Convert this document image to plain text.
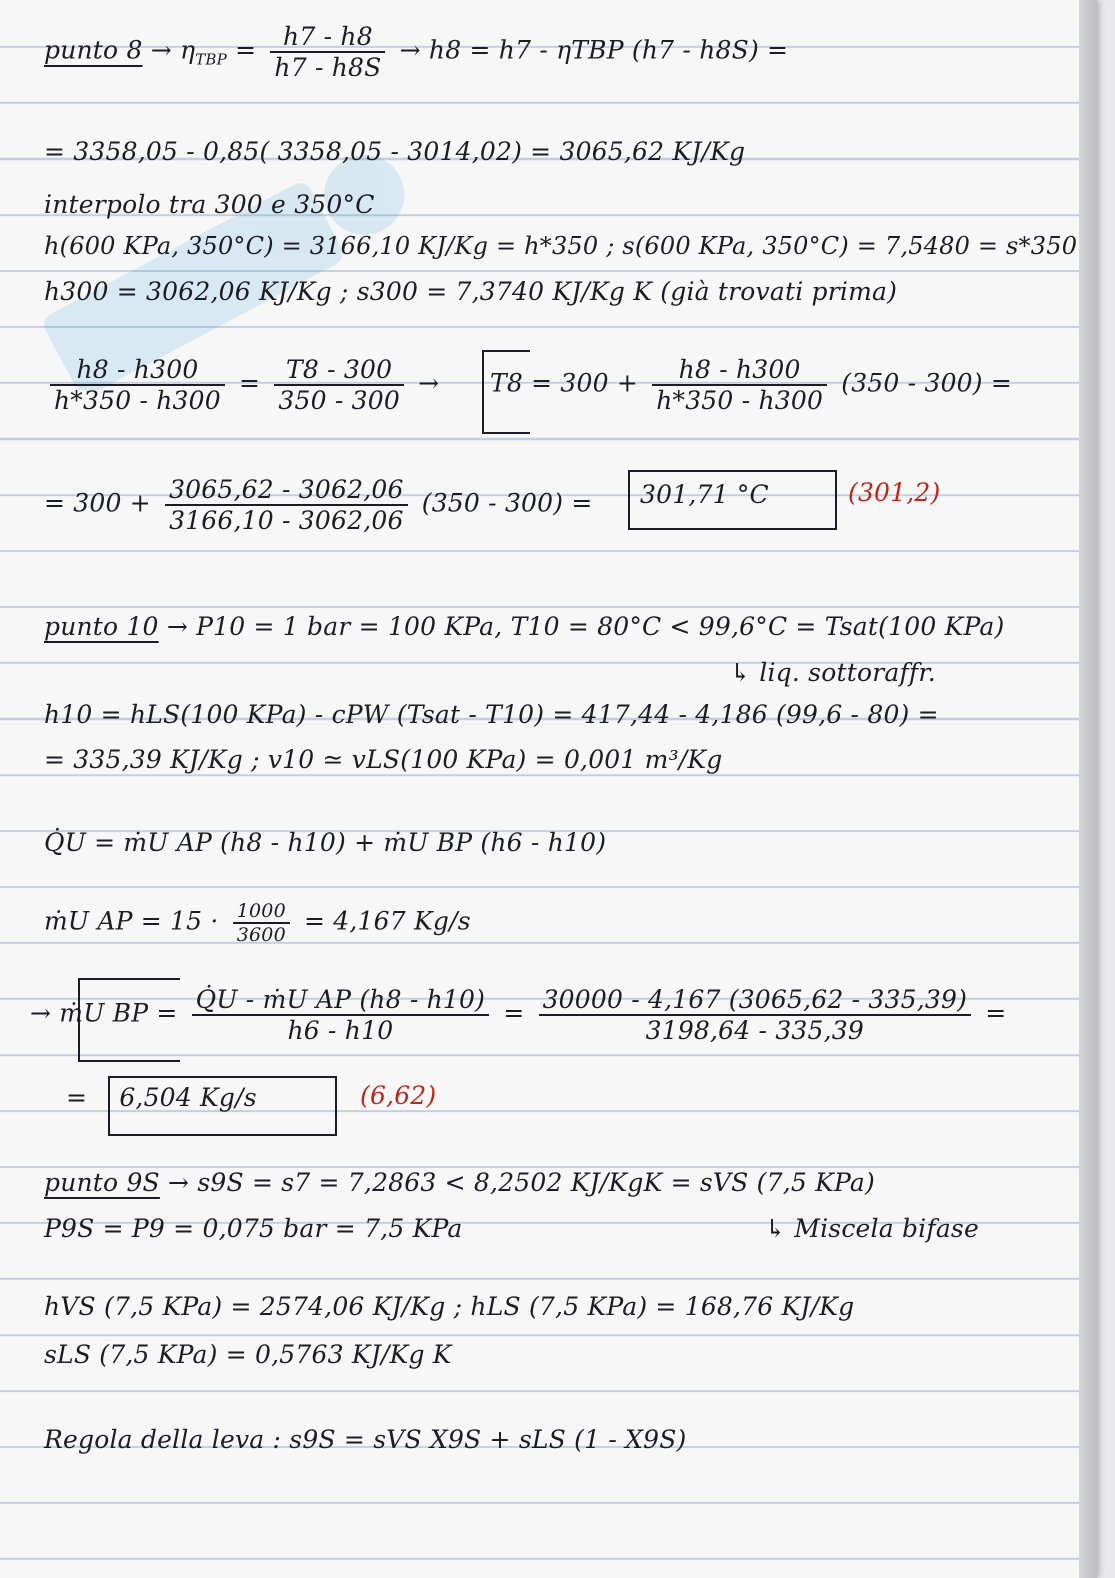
punto $8 \to \eta_{TBP} = \frac{h7 - h8}{h7 - h8S} \to h8 = h7 - \eta TBP$ (h7 - h8S) =
= 3358,05 - 0,85( 3358,05 - 3014,02) = 3065,62 KJ/Kg
interpolo tra 300 e 350°C
h(600 KPa, 350°C) = 3166,10 KJ/Kg = h*350 ; s(600 KPa, 350°C) = 7,5480 = s*350
h300 = 3062,06 KJ/Kg ; s300 = 7,3740 KJ/Kg K (già trovati prima)
$\frac{h8 - h300}{h*350 - h300} = \frac{T8 - 300}{350 - 300} \to T8 = 300 + \frac{h8 - h300}{h*350 - h300} (350 - 300)$ =
= $300 + \frac{3065,62 - 3062,06}{3166,10 - 3062,06} (350 - 300) = 301,71$ °C	(301,2)
punto 10 → P10 = 1 bar = 100 KPa, T10 = 80°C < 99,6°C = Tsat(100 KPa)
↳ liq. sottoraffr.
h10 = hLS(100 KPa) - cPW (Tsat - T10) = 417,44 - 4,186 (99,6 - 80) =
= 335,39 KJ/Kg ; v10 ≃ vLS(100 KPa) = 0,001 m³/Kg
Q̇U = ṁU AP (h8 - h10) + ṁU BP (h6 - h10)
ṁU AP = $15 \cdot \frac{1000}{3600} = 4,167$ Kg/s
→ ṁU BP = $\frac{\text{Q̇U - ṁU AP (h8 - h10)}}{h6 - h10} = \frac{30000 - 4,167 (3065,62 - 335,39)}{3198,64 - 335,39}$ =
= 6,504 Kg/s	(6,62)
punto 9S → s9S = s7 = 7,2863 < 8,2502 KJ/KgK = sVS (7,5 KPa)
P9S = P9 = 0,075 bar = 7,5 KPa	↳ Miscela bifase
hVS (7,5 KPa) = 2574,06 KJ/Kg ; hLS (7,5 KPa) = 168,76 KJ/Kg
sLS (7,5 KPa) = 0,5763 KJ/Kg K
Regola della leva : s9S = sVS X9S + sLS (1 - X9S)
